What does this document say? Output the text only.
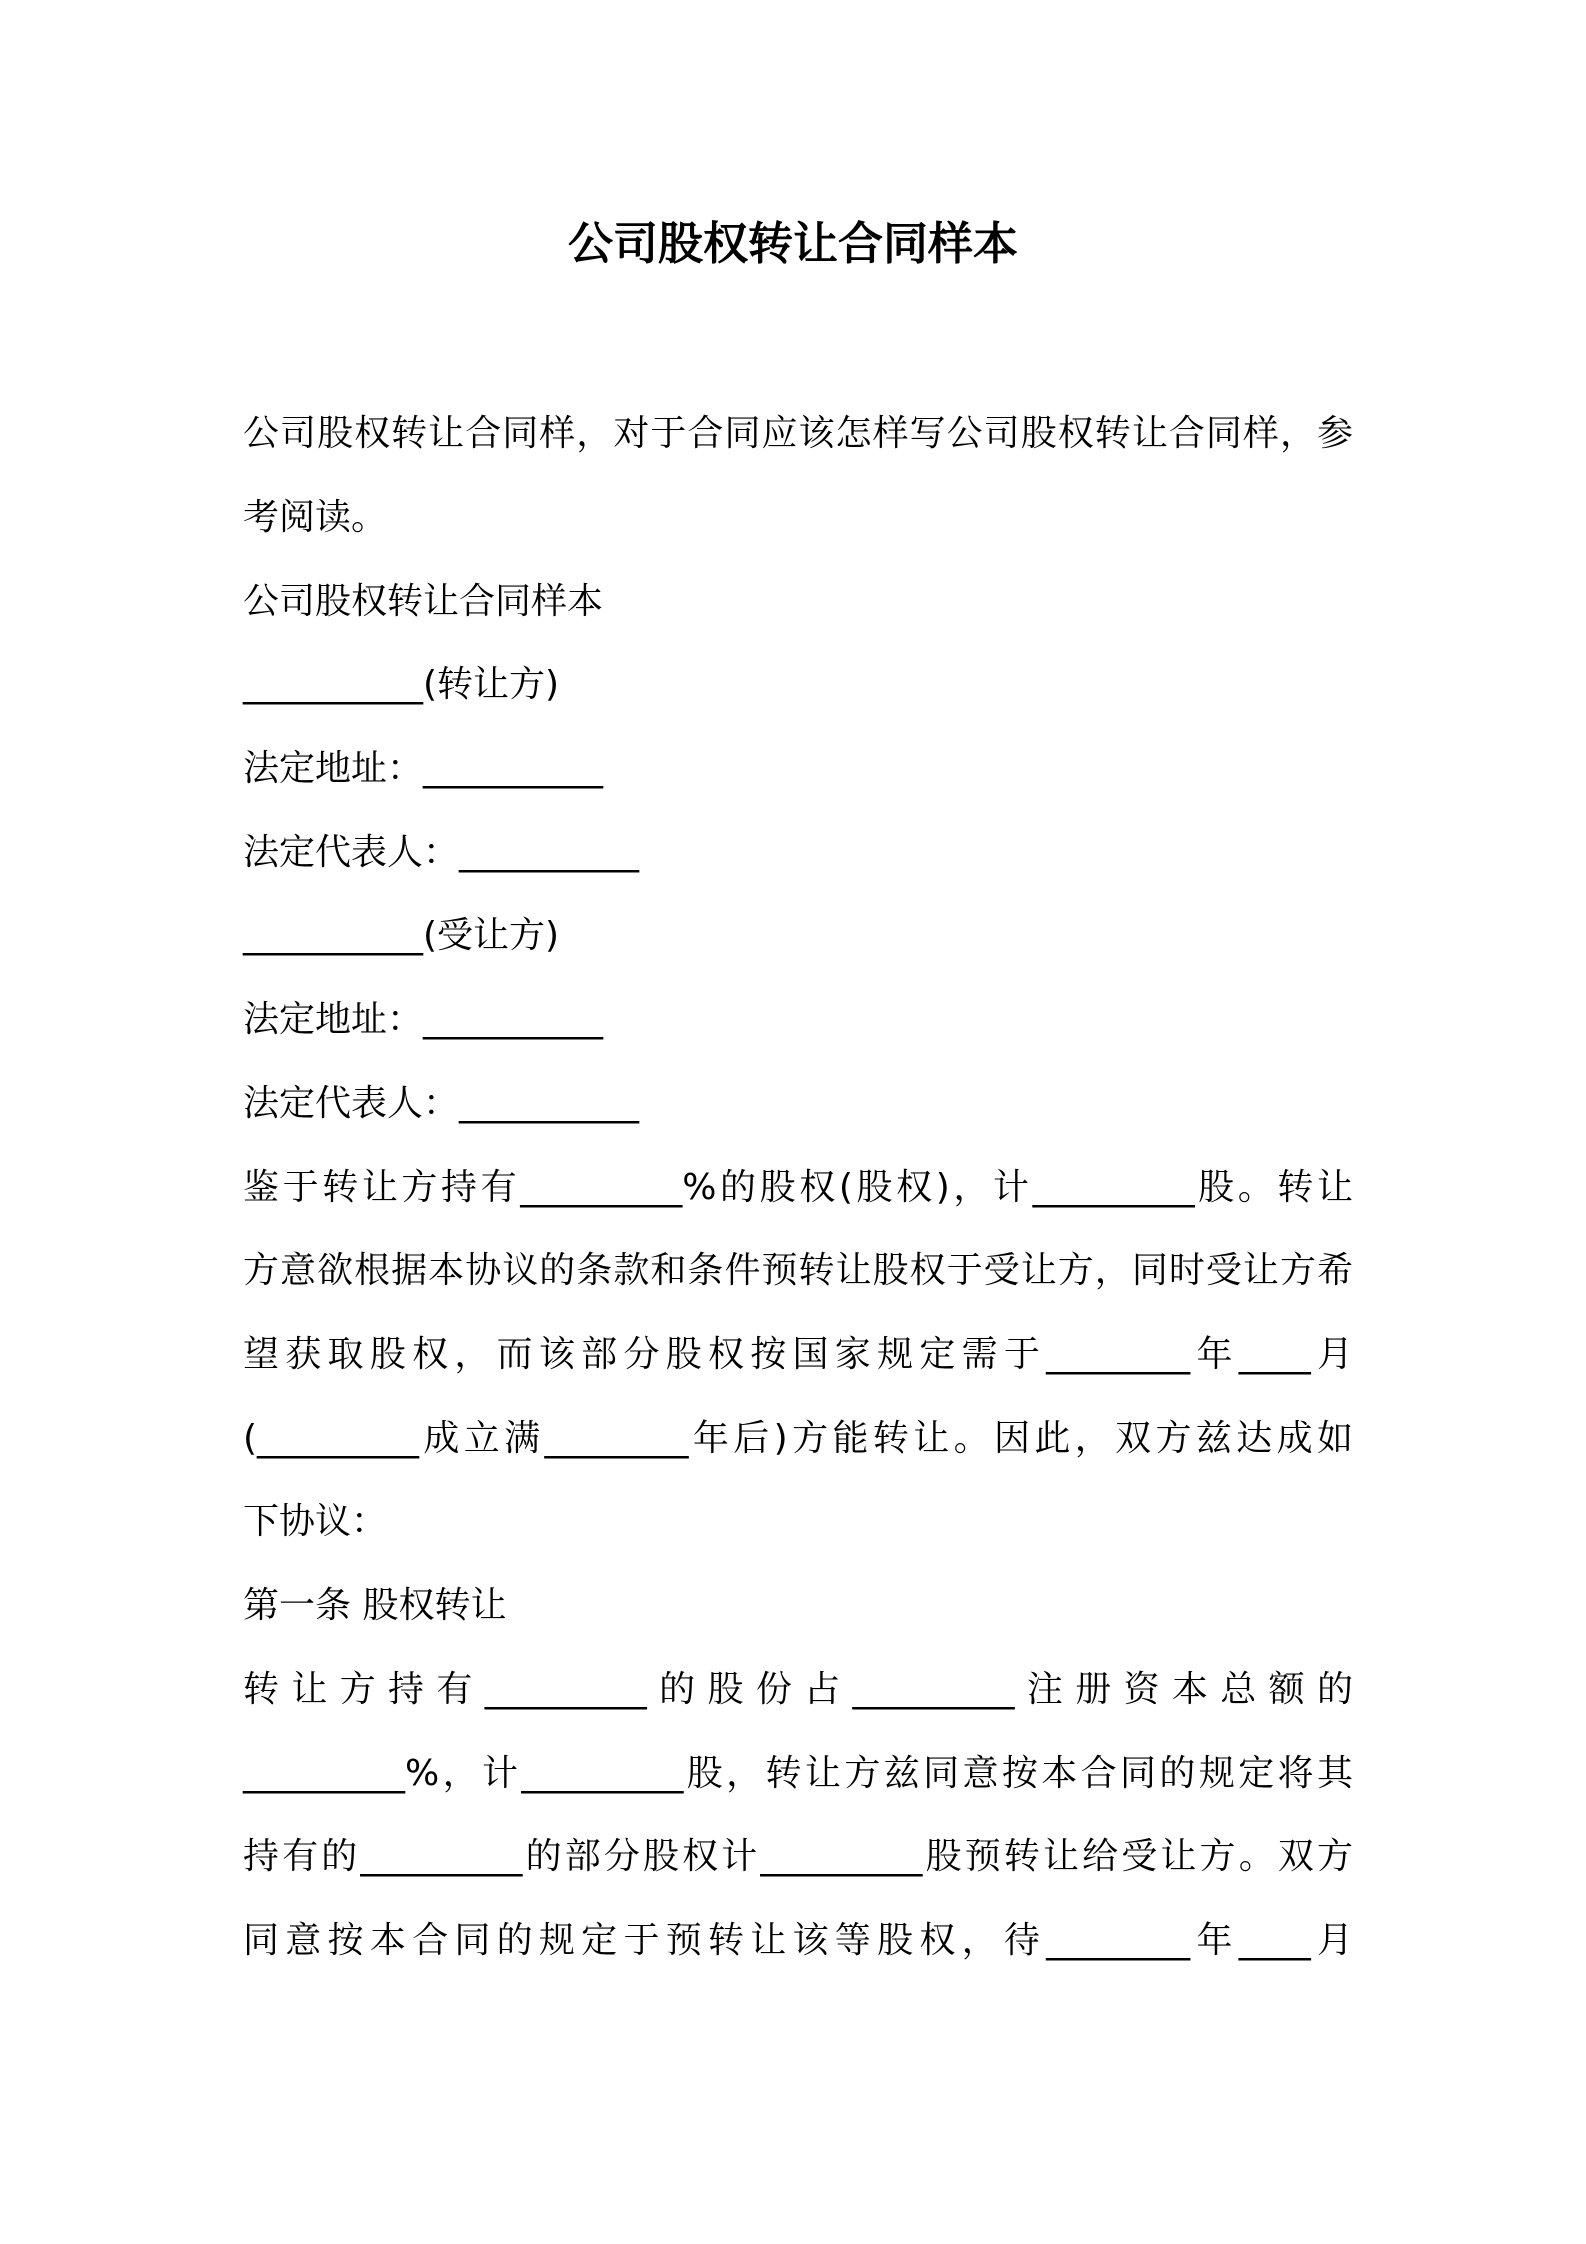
公司股权转让合同样本
公司股权转让合同样，对于合同应该怎样写公司股权转让合同样，参
考阅读。
公司股权转让合同样本
__________(转让方)
法定地址：__________
法定代表人：__________
__________(受让方)
法定地址：__________
法定代表人：__________
鉴于转让方持有_________%的股权(股权)，计_________股。转让
方意欲根据本协议的条款和条件预转让股权于受让方，同时受让方希
望获取股权，而该部分股权按国家规定需于________年____月
(_________成立满________年后)方能转让。因此，双方兹达成如
下协议：
第一条 股权转让
转让方持有_________的股份占_________注册资本总额的
_________%，计_________股，转让方兹同意按本合同的规定将其
持有的_________的部分股权计_________股预转让给受让方。双方
同意按本合同的规定于预转让该等股权，待________年____月
